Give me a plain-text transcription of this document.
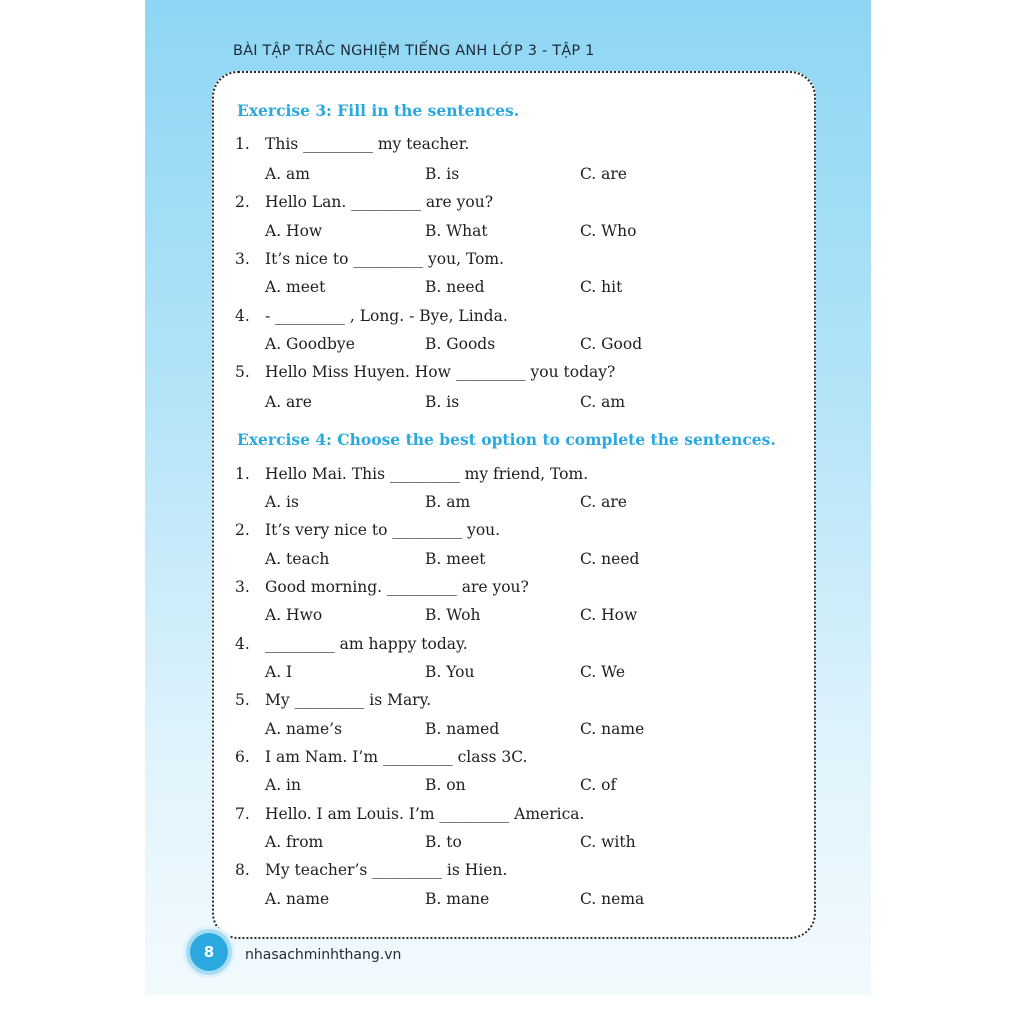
BÀI TẬP TRẮC NGHIỆM TIẾNG ANH LỚP 3 - TẬP 1
Exercise 3: Fill in the sentences.
1. This _________ my teacher.
A. am	B. is	C. are
2. Hello Lan. _________ are you?
A. How	B. What	C. Who
3. It’s nice to _________ you, Tom.
A. meet	B. need	C. hit
4. - _________ , Long. - Bye, Linda.
A. Goodbye	B. Goods	C. Good
5. Hello Miss Huyen. How _________ you today?
A. are	B. is	C. am
Exercise 4: Choose the best option to complete the sentences.
1. Hello Mai. This _________ my friend, Tom.
A. is	B. am	C. are
2. It’s very nice to _________ you.
A. teach	B. meet	C. need
3. Good morning. _________ are you?
A. Hwo	B. Woh	C. How
4. _________ am happy today.
A. I	B. You	C. We
5. My _________ is Mary.
A. name’s	B. named	C. name
6. I am Nam. I’m _________ class 3C.
A. in	B. on	C. of
7. Hello. I am Louis. I’m _________ America.
A. from	B. to	C. with
8. My teacher’s _________ is Hien.
A. name	B. mane	C. nema
8	nhasachminhthang.vn
